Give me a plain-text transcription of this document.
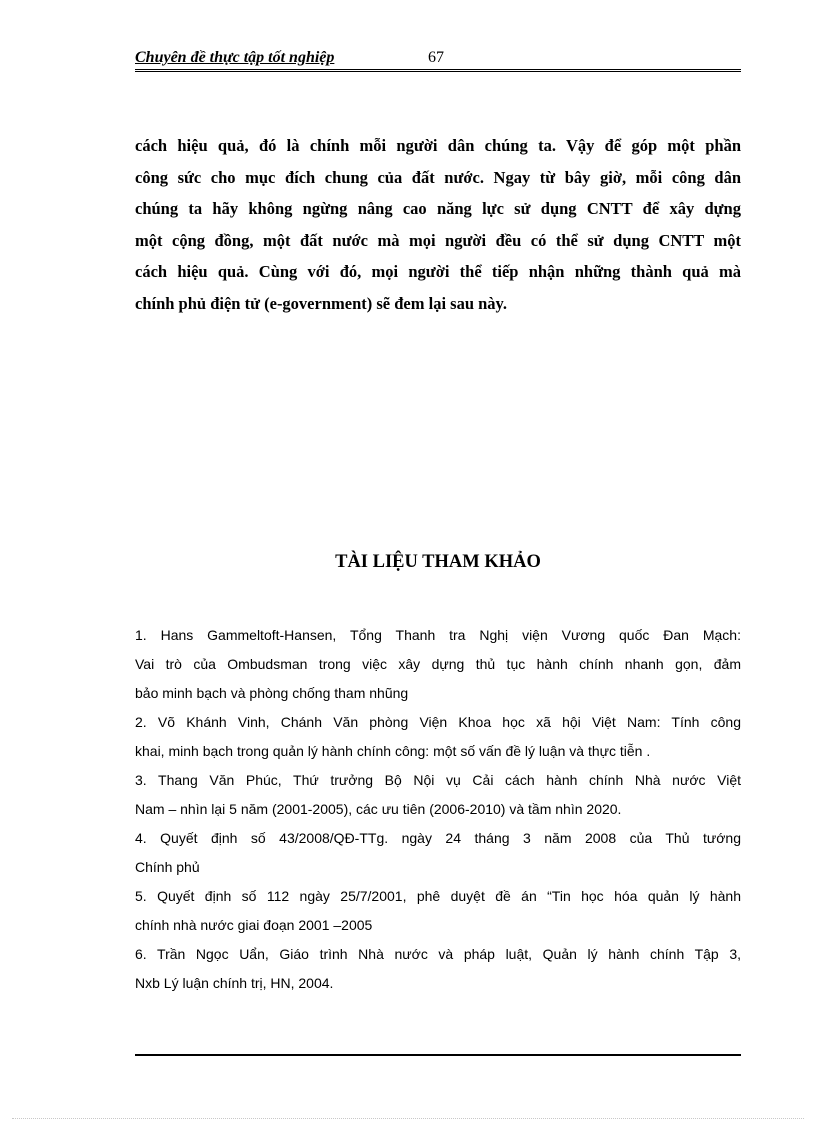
Chuyên đề thực tập tốt nghiệp	67
cách hiệu quả, đó là chính mỗi người dân chúng ta. Vậy để góp một phần
công sức cho mục đích chung của đất nước. Ngay từ bây giờ, mỗi công dân
chúng ta hãy không ngừng nâng cao năng lực sử dụng CNTT để xây dựng
một cộng đồng, một đất nước mà mọi người đều có thể sử dụng CNTT một
cách hiệu quả. Cùng với đó, mọi người thể tiếp nhận những thành quả mà
chính phủ điện tử (e-government) sẽ đem lại sau này.
TÀI LIỆU THAM KHẢO
1. Hans Gammeltoft-Hansen, Tổng Thanh tra Nghị viện Vương quốc Đan Mạch:
Vai trò của Ombudsman trong việc xây dựng thủ tục hành chính nhanh gọn, đảm
bảo minh bạch và phòng chống tham nhũng
2. Võ Khánh Vinh, Chánh Văn phòng Viện Khoa học xã hội Việt Nam: Tính công
khai, minh bạch trong quản lý hành chính công: một số vấn đề lý luận và thực tiễn .
3. Thang Văn Phúc, Thứ trưởng Bộ Nội vụ Cải cách hành chính Nhà nước Việt
Nam – nhìn lại 5 năm (2001-2005), các ưu tiên (2006-2010) và tầm nhìn 2020.
4. Quyết định số 43/2008/QĐ-TTg. ngày 24 tháng 3 năm 2008 của Thủ tướng
Chính phủ
5. Quyết định số 112 ngày 25/7/2001, phê duyệt đề án “Tin học hóa quản lý hành
chính nhà nước giai đoạn 2001 –2005
6. Trần Ngọc Uẩn, Giáo trình Nhà nước và pháp luật, Quản lý hành chính Tập 3,
Nxb Lý luận chính trị, HN, 2004.
